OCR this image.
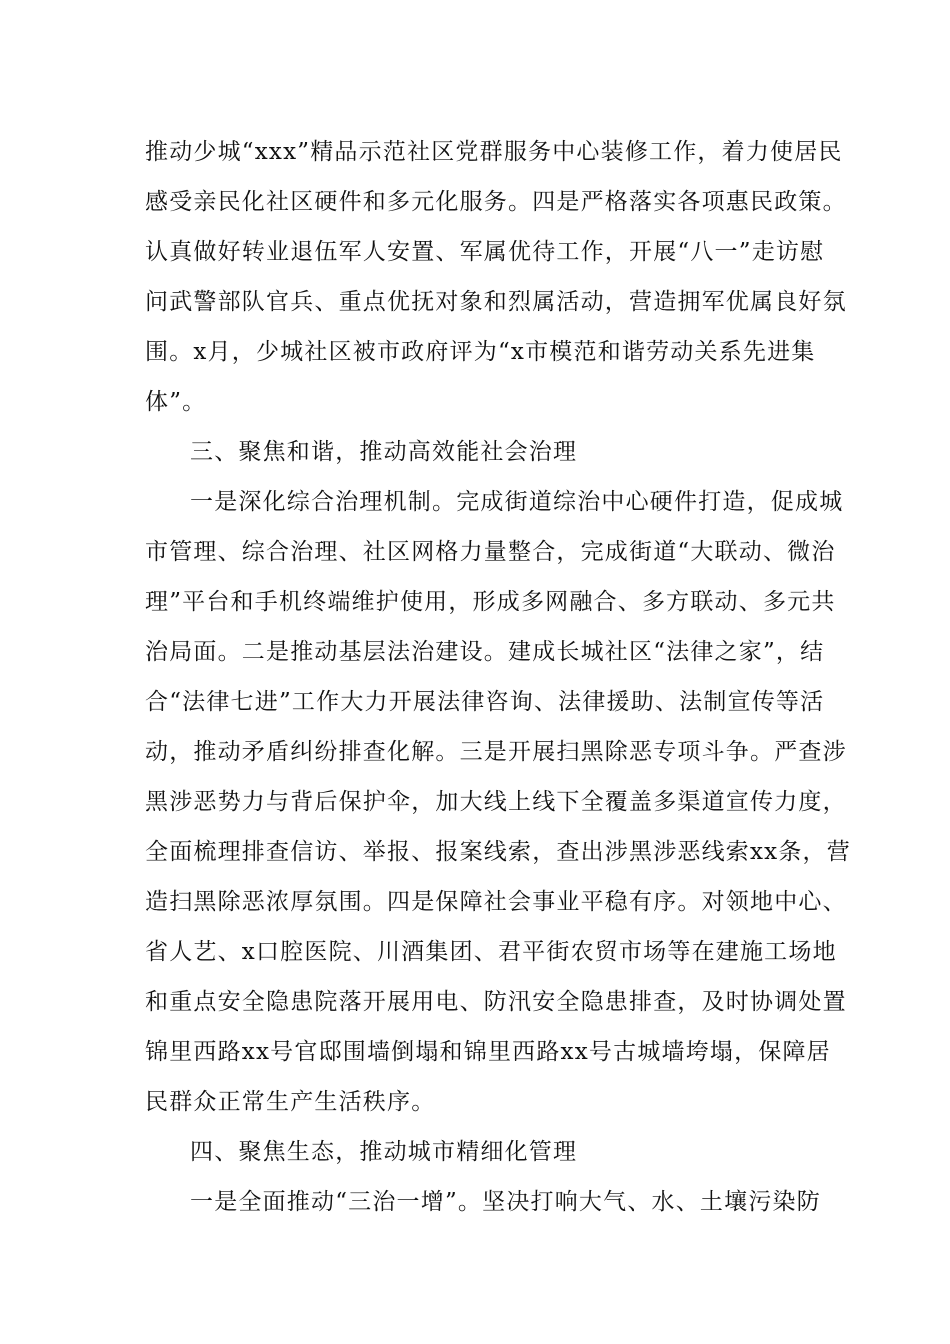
推动少城“xxx”精品示范社区党群服务中心装修工作，着力使居民
感受亲民化社区硬件和多元化服务。四是严格落实各项惠民政策。
认真做好转业退伍军人安置、军属优待工作，开展“八一”走访慰
问武警部队官兵、重点优抚对象和烈属活动，营造拥军优属良好氛
围。x月，少城社区被市政府评为“x市模范和谐劳动关系先进集
体”。
三、聚焦和谐，推动高效能社会治理
一是深化综合治理机制。完成街道综治中心硬件打造，促成城
市管理、综合治理、社区网格力量整合，完成街道“大联动、微治
理”平台和手机终端维护使用，形成多网融合、多方联动、多元共
治局面。二是推动基层法治建设。建成长城社区“法律之家”，结
合“法律七进”工作大力开展法律咨询、法律援助、法制宣传等活
动，推动矛盾纠纷排查化解。三是开展扫黑除恶专项斗争。严查涉
黑涉恶势力与背后保护伞，加大线上线下全覆盖多渠道宣传力度，
全面梳理排查信访、举报、报案线索，查出涉黑涉恶线索xx条，营
造扫黑除恶浓厚氛围。四是保障社会事业平稳有序。对领地中心、
省人艺、x口腔医院、川酒集团、君平街农贸市场等在建施工场地
和重点安全隐患院落开展用电、防汛安全隐患排查，及时协调处置
锦里西路xx号官邸围墙倒塌和锦里西路xx号古城墙垮塌，保障居
民群众正常生产生活秩序。
四、聚焦生态，推动城市精细化管理
一是全面推动“三治一增”。坚决打响大气、水、土壤污染防
